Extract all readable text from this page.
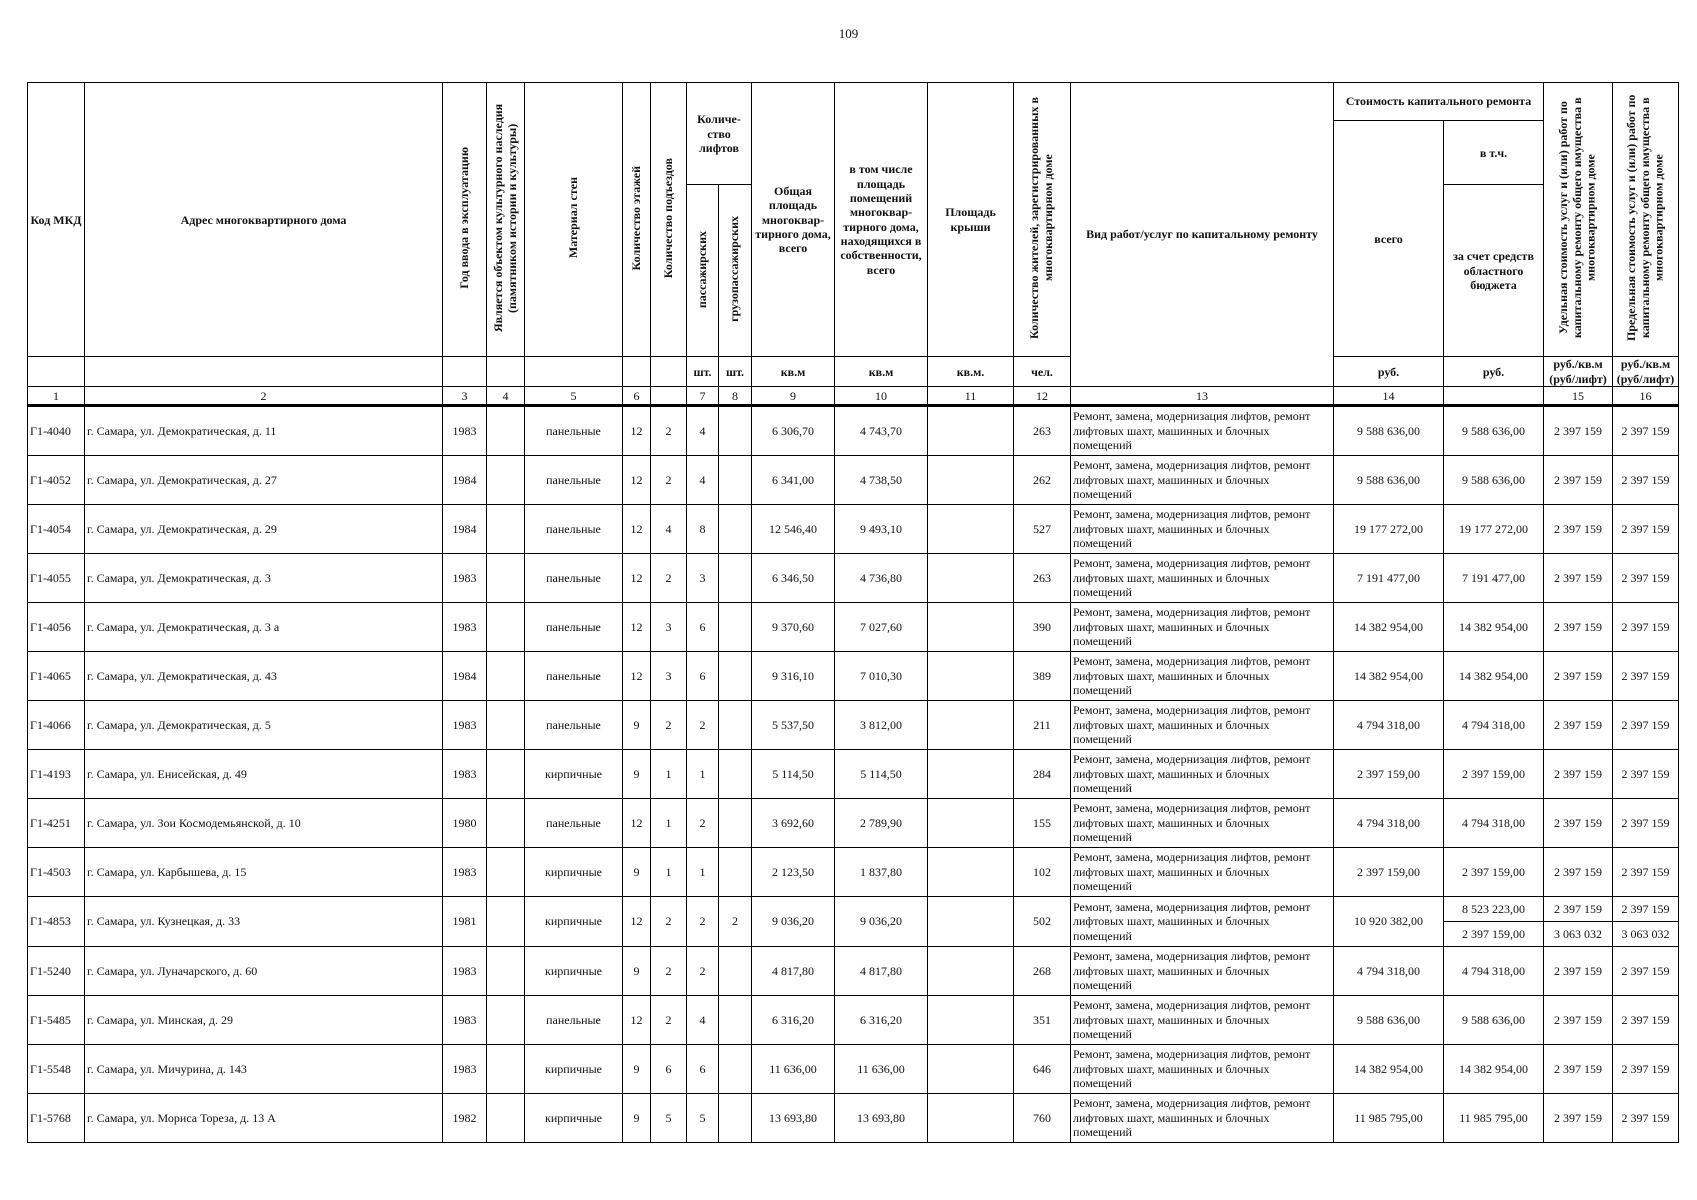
109
Код МКД	Адрес многоквартирного дома	Год ввода в эксплуатацию	Является объектом культурного наследия (памятником истории и культуры)	Материал стен	Количество этажей	Количество подъездов	Количе-ство лифтов		Общая площадь многоквар-тирного дома, всего	в том числе площадь помещений многоквар-тирного дома, находящихся в собственности, всего	Площадь крыши	Количество жителей, зарегистрированных в многоквартирном доме	Вид работ/услуг по капитальному ремонту	Стоимость капитального ремонта		Удельная стоимость услуг и (или) работ по капитальному ремонту общего имущества в многоквартирном доме	Предельная стоимость услуг и (или) работ по капитальному ремонту общего имущества в многоквартирном доме
														всего	в т.ч.		
							пассажирских	грузопассажирских							за счет средств областного бюджета		
							шт.	шт.	кв.м	кв.м	кв.м.	чел.		руб.	руб.	руб./кв.м (руб/лифт)	руб./кв.м (руб/лифт)
1	2	3	4	5	6		7	8	9	10	11	12	13	14		15	16
Г1-4040	г. Самара, ул. Демократическая, д. 11	1983		панельные	12	2	4		6 306,70	4 743,70		263	Ремонт, замена, модернизация лифтов, ремонт лифтовых шахт, машинных и блочных помещений	9 588 636,00	9 588 636,00	2 397 159	2 397 159
Г1-4052	г. Самара, ул. Демократическая, д. 27	1984		панельные	12	2	4		6 341,00	4 738,50		262	Ремонт, замена, модернизация лифтов, ремонт лифтовых шахт, машинных и блочных помещений	9 588 636,00	9 588 636,00	2 397 159	2 397 159
Г1-4054	г. Самара, ул. Демократическая, д. 29	1984		панельные	12	4	8		12 546,40	9 493,10		527	Ремонт, замена, модернизация лифтов, ремонт лифтовых шахт, машинных и блочных помещений	19 177 272,00	19 177 272,00	2 397 159	2 397 159
Г1-4055	г. Самара, ул. Демократическая, д. 3	1983		панельные	12	2	3		6 346,50	4 736,80		263	Ремонт, замена, модернизация лифтов, ремонт лифтовых шахт, машинных и блочных помещений	7 191 477,00	7 191 477,00	2 397 159	2 397 159
Г1-4056	г. Самара, ул. Демократическая, д. 3 а	1983		панельные	12	3	6		9 370,60	7 027,60		390	Ремонт, замена, модернизация лифтов, ремонт лифтовых шахт, машинных и блочных помещений	14 382 954,00	14 382 954,00	2 397 159	2 397 159
Г1-4065	г. Самара, ул. Демократическая, д. 43	1984		панельные	12	3	6		9 316,10	7 010,30		389	Ремонт, замена, модернизация лифтов, ремонт лифтовых шахт, машинных и блочных помещений	14 382 954,00	14 382 954,00	2 397 159	2 397 159
Г1-4066	г. Самара, ул. Демократическая, д. 5	1983		панельные	9	2	2		5 537,50	3 812,00		211	Ремонт, замена, модернизация лифтов, ремонт лифтовых шахт, машинных и блочных помещений	4 794 318,00	4 794 318,00	2 397 159	2 397 159
Г1-4193	г. Самара, ул. Енисейская, д. 49	1983		кирпичные	9	1	1		5 114,50	5 114,50		284	Ремонт, замена, модернизация лифтов, ремонт лифтовых шахт, машинных и блочных помещений	2 397 159,00	2 397 159,00	2 397 159	2 397 159
Г1-4251	г. Самара, ул. Зои Космодемьянской, д. 10	1980		панельные	12	1	2		3 692,60	2 789,90		155	Ремонт, замена, модернизация лифтов, ремонт лифтовых шахт, машинных и блочных помещений	4 794 318,00	4 794 318,00	2 397 159	2 397 159
Г1-4503	г. Самара, ул. Карбышева, д. 15	1983		кирпичные	9	1	1		2 123,50	1 837,80		102	Ремонт, замена, модернизация лифтов, ремонт лифтовых шахт, машинных и блочных помещений	2 397 159,00	2 397 159,00	2 397 159	2 397 159
Г1-4853	г. Самара, ул. Кузнецкая, д. 33	1981		кирпичные	12	2	2	2	9 036,20	9 036,20		502	Ремонт, замена, модернизация лифтов, ремонт лифтовых шахт, машинных и блочных помещений	10 920 382,00	8 523 223,00	2 397 159	2 397 159
															2 397 159,00	3 063 032	3 063 032
Г1-5240	г. Самара, ул. Луначарского, д. 60	1983		кирпичные	9	2	2		4 817,80	4 817,80		268	Ремонт, замена, модернизация лифтов, ремонт лифтовых шахт, машинных и блочных помещений	4 794 318,00	4 794 318,00	2 397 159	2 397 159
Г1-5485	г. Самара, ул. Минская, д. 29	1983		панельные	12	2	4		6 316,20	6 316,20		351	Ремонт, замена, модернизация лифтов, ремонт лифтовых шахт, машинных и блочных помещений	9 588 636,00	9 588 636,00	2 397 159	2 397 159
Г1-5548	г. Самара, ул. Мичурина, д. 143	1983		кирпичные	9	6	6		11 636,00	11 636,00		646	Ремонт, замена, модернизация лифтов, ремонт лифтовых шахт, машинных и блочных помещений	14 382 954,00	14 382 954,00	2 397 159	2 397 159
Г1-5768	г. Самара, ул. Мориса Тореза, д. 13 А	1982		кирпичные	9	5	5		13 693,80	13 693,80		760	Ремонт, замена, модернизация лифтов, ремонт лифтовых шахт, машинных и блочных помещений	11 985 795,00	11 985 795,00	2 397 159	2 397 159
